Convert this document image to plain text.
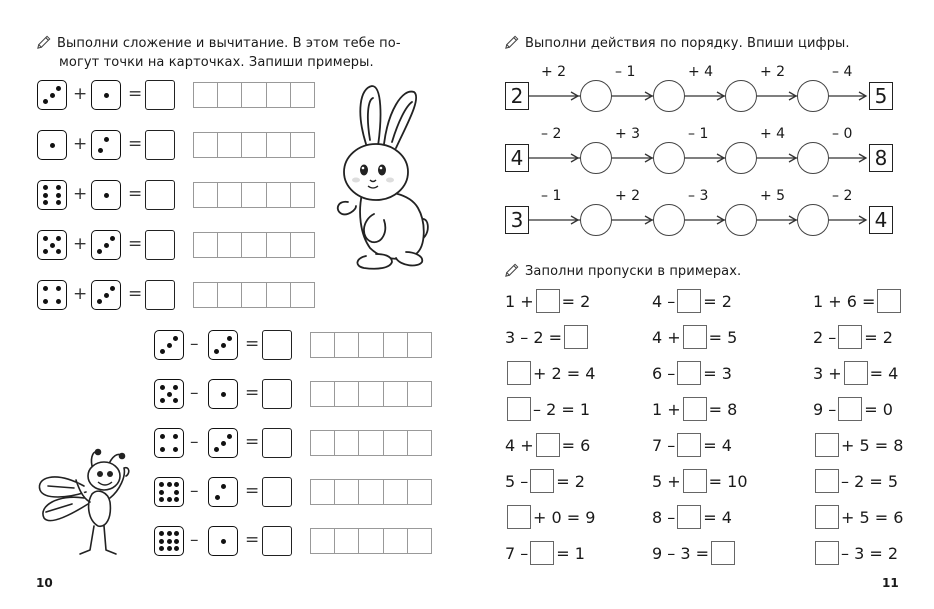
Выполни сложение и вычитание. В этом тебе по-
могут точки на карточках. Запиши примеры.
+ =
+ =
+ =
+ =
+ =
–	=
–	=
–	=
–	=
–	=
10
Выполни действия по порядку. Впиши цифры.
2	5
+ 2	– 1	+ 4	+ 2	– 4
4	8
– 2	+ 3	– 1	+ 4	– 0
3	4
– 1	+ 2	– 3	+ 5	– 2
Заполни пропуски в примерах.
1 + = 2
3 – 2 =
+ 2 = 4
– 2 = 1
4 + = 6
5 – = 2
+ 0 = 9
7 – = 1
4 – = 2
4 + = 5
6 – = 3
1 + = 8
7 – = 4
5 + = 10
8 – = 4
9 – 3 =
1 + 6 =
2 – = 2
3 + = 4
9 – = 0
+ 5 = 8
– 2 = 5
+ 5 = 6
– 3 = 2
11
